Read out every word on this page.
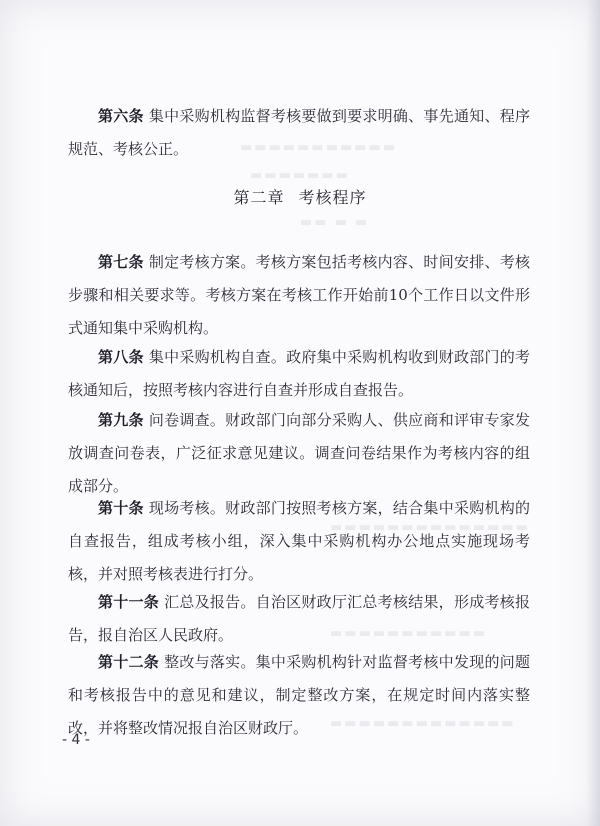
▬▬▬▬▬▬▬▬▬▬▬
▬▬▬▬▬▬▬
▬▬ ▬ ▬
▬▬▬▬▬▬▬▬▬▬▬▬▬▬
▬▬▬▬▬▬▬▬▬▬▬
▬▬▬▬▬▬▬▬▬▬▬▬▬

第六条 集中采购机构监督考核要做到要求明确、事先通知、程序规范、考核公正。

第二章 考核程序

第七条 制定考核方案。考核方案包括考核内容、时间安排、考核步骤和相关要求等。考核方案在考核工作开始前10个工作日以文件形式通知集中采购机构。

第八条 集中采购机构自查。政府集中采购机构收到财政部门的考核通知后，按照考核内容进行自查并形成自查报告。

第九条 问卷调查。财政部门向部分采购人、供应商和评审专家发放调查问卷表，广泛征求意见建议。调查问卷结果作为考核内容的组成部分。

第十条 现场考核。财政部门按照考核方案，结合集中采购机构的自查报告，组成考核小组，深入集中采购机构办公地点实施现场考核，并对照考核表进行打分。

第十一条 汇总及报告。自治区财政厅汇总考核结果，形成考核报告，报自治区人民政府。

第十二条 整改与落实。集中采购机构针对监督考核中发现的问题和考核报告中的意见和建议，制定整改方案，在规定时间内落实整改，并将整改情况报自治区财政厅。

- 4 -
